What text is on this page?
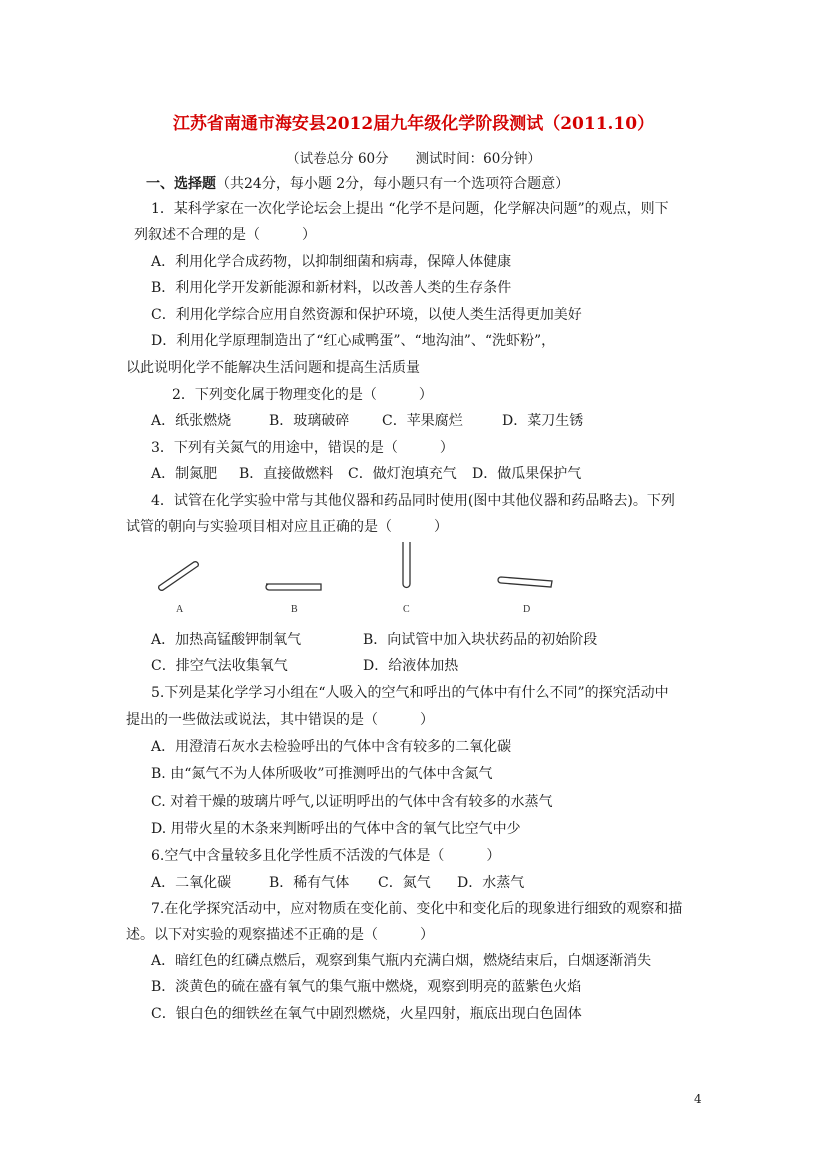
江苏省南通市海安县2012届九年级化学阶段测试（2011.10）
（试卷总分 60分　　测试时间：60分钟）
一、选择题（共24分，每小题 2分，每小题只有一个选项符合题意）
1．某科学家在一次化学论坛会上提出 “化学不是问题，化学解决问题”的观点，则下
列叙述不合理的是（　　　）
A．利用化学合成药物，以抑制细菌和病毒，保障人体健康
B．利用化学开发新能源和新材料，以改善人类的生存条件
C．利用化学综合应用自然资源和保护环境，以使人类生活得更加美好
D．利用化学原理制造出了“红心咸鸭蛋”、“地沟油”、“洗虾粉”，
以此说明化学不能解决生活问题和提高生活质量
2．下列变化属于物理变化的是（　　　）
A．纸张燃烧	B．玻璃破碎 C．苹果腐烂	D．菜刀生锈
3．下列有关氮气的用途中，错误的是（　　　）
A．制氮肥 B．直接做燃料 C．做灯泡填充气 D．做瓜果保护气
4．试管在化学实验中常与其他仪器和药品同时使用(图中其他仪器和药品略去)。下列
试管的朝向与实验项目相对应且正确的是（　　　）
A	B	C	D
A．加热高锰酸钾制氧气	B．向试管中加入块状药品的初始阶段
C．排空气法收集氧气	D．给液体加热
5.下列是某化学学习小组在“人吸入的空气和呼出的气体中有什么不同”的探究活动中
提出的一些做法或说法，其中错误的是（　　　）
A．用澄清石灰水去检验呼出的气体中含有较多的二氧化碳
B. 由“氮气不为人体所吸收”可推测呼出的气体中含氮气
C. 对着干燥的玻璃片呼气,以证明呼出的气体中含有较多的水蒸气
D. 用带火星的木条来判断呼出的气体中含的氧气比空气中少
6.空气中含量较多且化学性质不活泼的气体是（　　　）
A．二氧化碳	B．稀有气体 C．氮气 D．水蒸气
7.在化学探究活动中，应对物质在变化前、变化中和变化后的现象进行细致的观察和描
述。以下对实验的观察描述不正确的是（　　　）
A．暗红色的红磷点燃后，观察到集气瓶内充满白烟，燃烧结束后，白烟逐渐消失
B．淡黄色的硫在盛有氧气的集气瓶中燃烧，观察到明亮的蓝紫色火焰
C．银白色的细铁丝在氧气中剧烈燃烧，火星四射，瓶底出现白色固体
4
